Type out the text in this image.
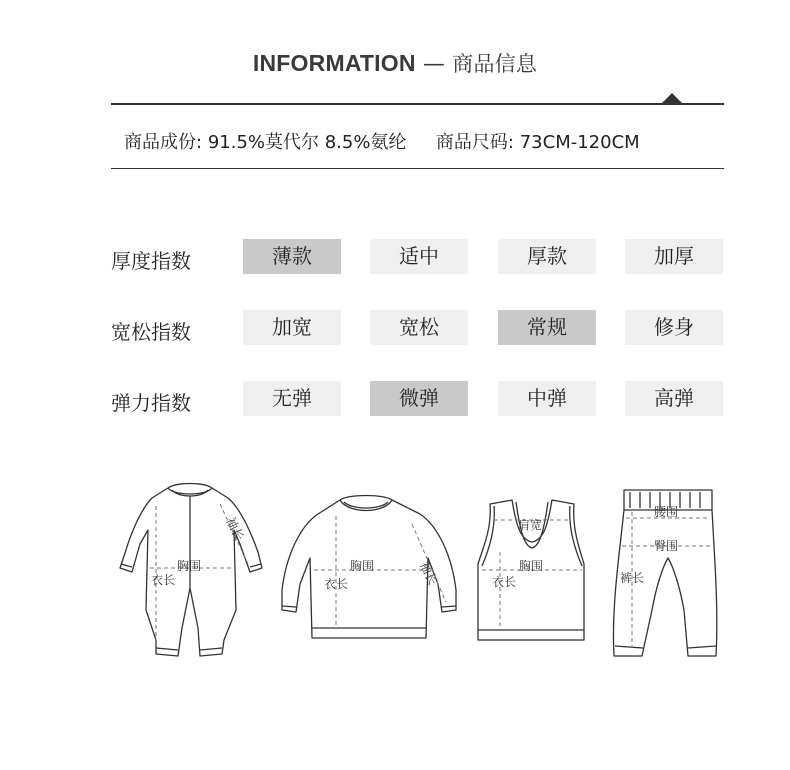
INFORMATION — 商品信息
商品成份: 91.5%莫代尔 8.5%氨纶 商品尺码: 73CM-120CM
厚度指数	薄款	适中	厚款	加厚
宽松指数	加宽	宽松	常规	修身
弹力指数	无弹	微弹	中弹	高弹
胸围
衣长
袖长
胸围
衣长	袖长
肩宽
胸围
衣长
腰围
臀围
裤长
